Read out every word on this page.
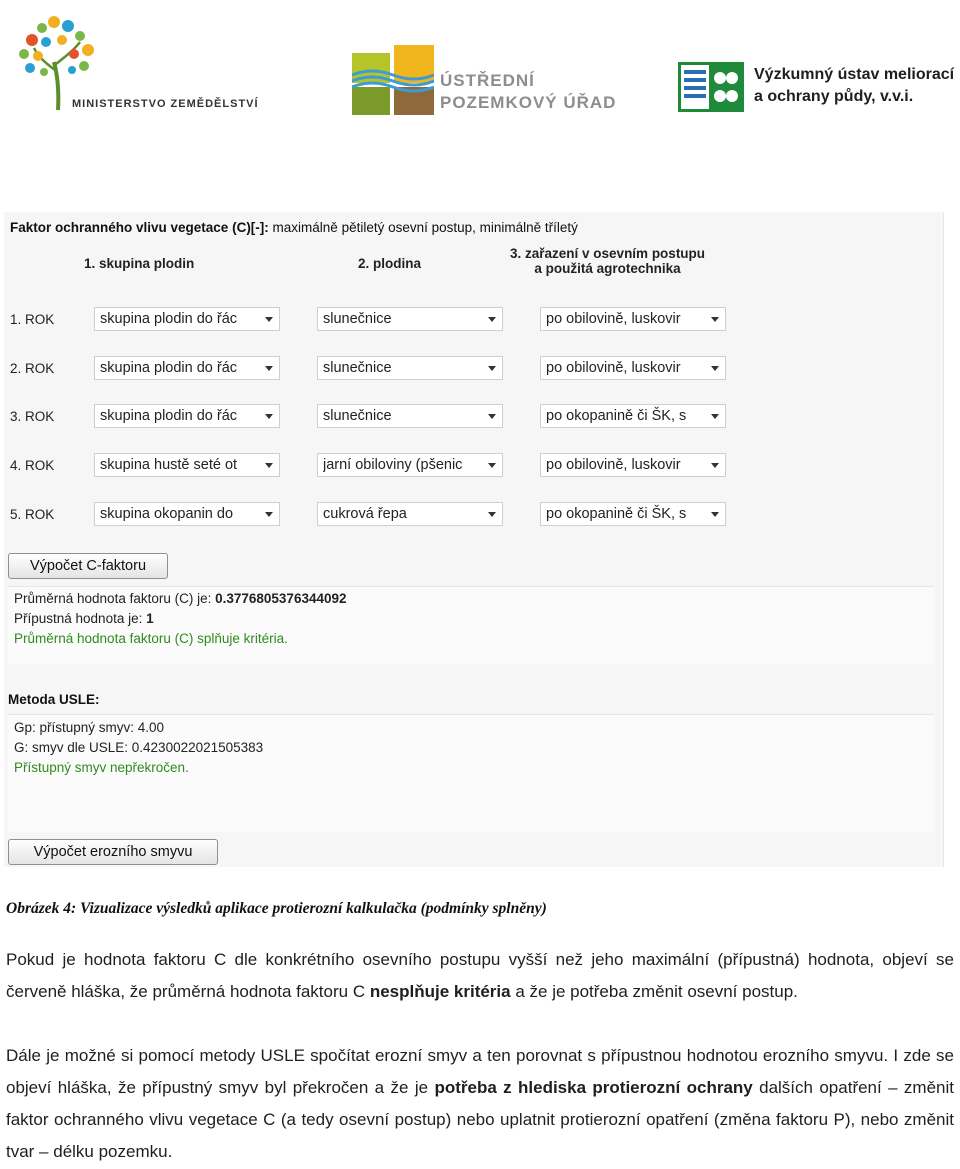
MINISTERSTVO ZEMĚDĚLSTVÍ
ÚSTŘEDNÍ
POZEMKOVÝ ÚŘAD
Výzkumný ústav meliorací
a ochrany půdy, v.v.i.
Faktor ochranného vlivu vegetace (C)[-]: maximálně pětiletý osevní postup, minimálně tříletý
1. skupina plodin	2. plodina
3. zařazení v osevním postupu
a použitá agrotechnika
1. ROK	skupina plodin do řác	slunečnice	po obilovině, luskovir
2. ROK	skupina plodin do řác	slunečnice	po obilovině, luskovir
3. ROK	skupina plodin do řác	slunečnice	po okopanině či ŠK, s
4. ROK	skupina hustě seté ot	jarní obiloviny (pšenic	po obilovině, luskovir
5. ROK	skupina okopanin do	cukrová řepa	po okopanině či ŠK, s
Výpočet C-faktoru
Průměrná hodnota faktoru (C) je: 0.3776805376344092
Přípustná hodnota je: 1
Průměrná hodnota faktoru (C) splňuje kritéria.
Metoda USLE:
Gp: přístupný smyv: 4.00
G: smyv dle USLE: 0.4230022021505383
Přístupný smyv nepřekročen.
Výpočet erozního smyvu
Obrázek 4: Vizualizace výsledků aplikace protierozní kalkulačka (podmínky splněny)

Pokud je hodnota faktoru C dle konkrétního osevního postupu vyšší než jeho maximální (přípustná) hodnota, objeví se červeně hláška, že průměrná hodnota faktoru C nesplňuje kritéria a že je potřeba změnit osevní postup.

Dále je možné si pomocí metody USLE spočítat erozní smyv a ten porovnat s přípustnou hodnotou erozního smyvu. I zde se objeví hláška, že přípustný smyv byl překročen a že je potřeba z hlediska protierozní ochrany dalších opatření – změnit faktor ochranného vlivu vegetace C (a tedy osevní postup) nebo uplatnit protierozní opatření (změna faktoru P), nebo změnit tvar – délku pozemku.
